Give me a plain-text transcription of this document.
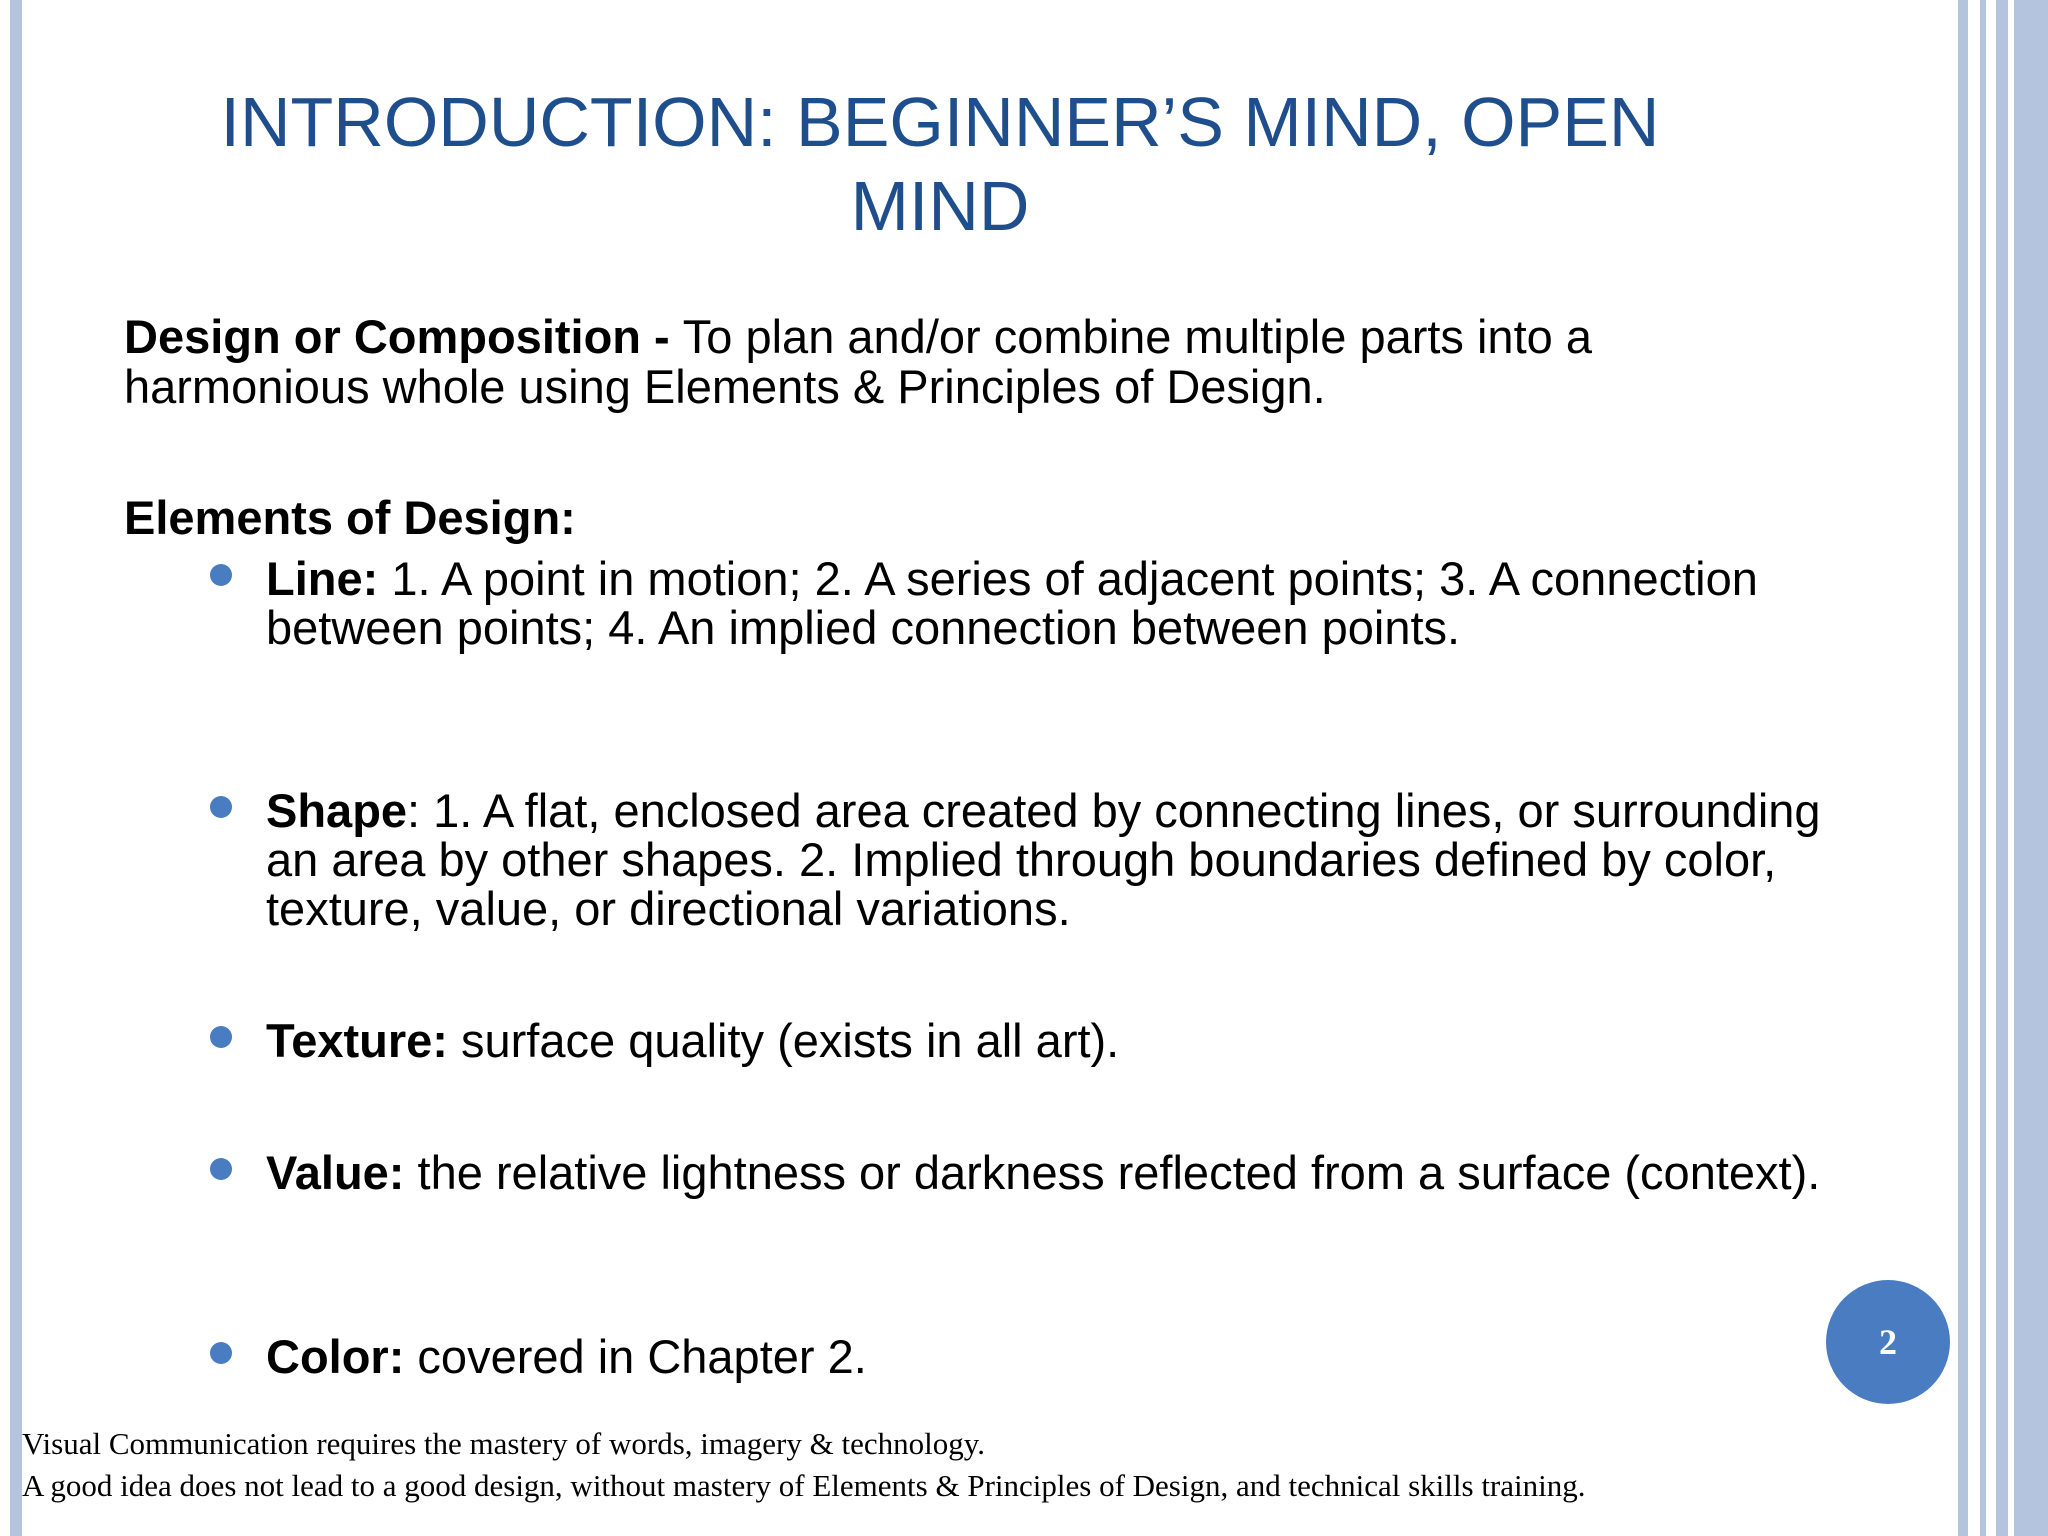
INTRODUCTION: BEGINNER’S MIND, OPEN
MIND
Design or Composition - To plan and/or combine multiple parts into a harmonious whole using Elements & Principles of Design.
Elements of Design:
Line: 1. A point in motion; 2. A series of adjacent points; 3. A connection between points; 4. An implied connection between points.
Shape: 1. A flat, enclosed area created by connecting lines, or surrounding an area by other shapes. 2. Implied through boundaries defined by color, texture, value, or directional variations.
Texture: surface quality (exists in all art).
Value: the relative lightness or darkness reflected from a surface (context).
Color: covered in Chapter 2.	2
Visual Communication requires the mastery of words, imagery & technology.
A good idea does not lead to a good design, without mastery of Elements & Principles of Design, and technical skills training.
